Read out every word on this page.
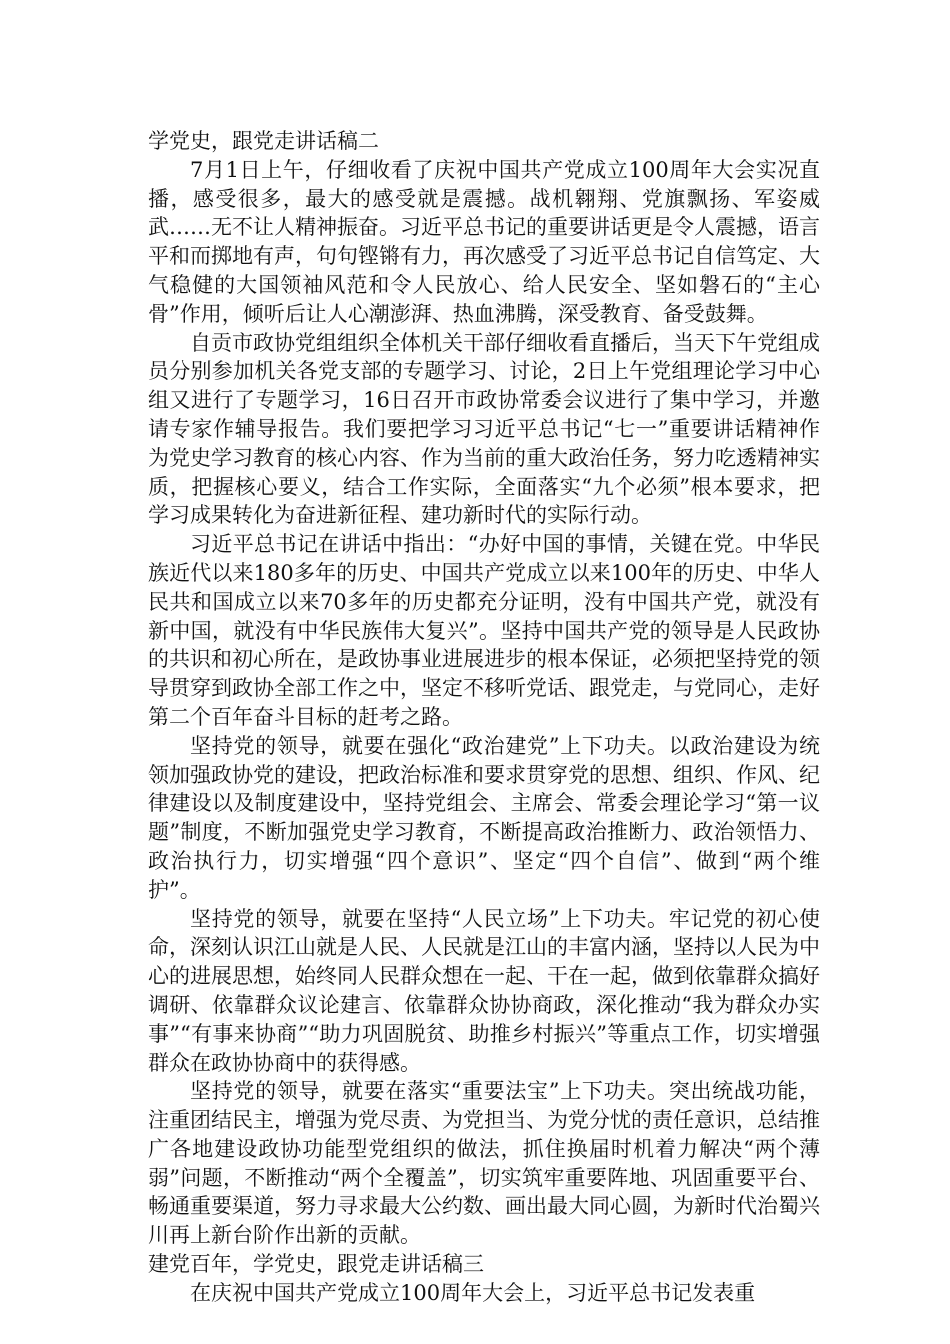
学党史，跟党走讲话稿二

7月1日上午，仔细收看了庆祝中国共产党成立100周年大会实况直播，感受很多，最大的感受就是震撼。战机翱翔、党旗飘扬、军姿威武……无不让人精神振奋。习近平总书记的重要讲话更是令人震撼，语言平和而掷地有声，句句铿锵有力，再次感受了习近平总书记自信笃定、大气稳健的大国领袖风范和令人民放心、给人民安全、坚如磐石的“主心骨”作用，倾听后让人心潮澎湃、热血沸腾，深受教育、备受鼓舞。

自贡市政协党组组织全体机关干部仔细收看直播后，当天下午党组成员分别参加机关各党支部的专题学习、讨论，2日上午党组理论学习中心组又进行了专题学习，16日召开市政协常委会议进行了集中学习，并邀请专家作辅导报告。我们要把学习习近平总书记“七一”重要讲话精神作为党史学习教育的核心内容、作为当前的重大政治任务，努力吃透精神实质，把握核心要义，结合工作实际，全面落实“九个必须”根本要求，把学习成果转化为奋进新征程、建功新时代的实际行动。

习近平总书记在讲话中指出：“办好中国的事情，关键在党。中华民族近代以来180多年的历史、中国共产党成立以来100年的历史、中华人民共和国成立以来70多年的历史都充分证明，没有中国共产党，就没有新中国，就没有中华民族伟大复兴”。坚持中国共产党的领导是人民政协的共识和初心所在，是政协事业进展进步的根本保证，必须把坚持党的领导贯穿到政协全部工作之中，坚定不移听党话、跟党走，与党同心，走好第二个百年奋斗目标的赶考之路。

坚持党的领导，就要在强化“政治建党”上下功夫。以政治建设为统领加强政协党的建设，把政治标准和要求贯穿党的思想、组织、作风、纪律建设以及制度建设中，坚持党组会、主席会、常委会理论学习“第一议题”制度，不断加强党史学习教育，不断提高政治推断力、政治领悟力、政治执行力，切实增强“四个意识”、坚定“四个自信”、做到“两个维护”。

坚持党的领导，就要在坚持“人民立场”上下功夫。牢记党的初心使命，深刻认识江山就是人民、人民就是江山的丰富内涵，坚持以人民为中心的进展思想，始终同人民群众想在一起、干在一起，做到依靠群众搞好调研、依靠群众议论建言、依靠群众协协商政，深化推动“我为群众办实事”“有事来协商”“助力巩固脱贫、助推乡村振兴”等重点工作，切实增强群众在政协协商中的获得感。

坚持党的领导，就要在落实“重要法宝”上下功夫。突出统战功能，注重团结民主，增强为党尽责、为党担当、为党分忧的责任意识，总结推广各地建设政协功能型党组织的做法，抓住换届时机着力解决“两个薄弱”问题，不断推动“两个全覆盖”，切实筑牢重要阵地、巩固重要平台、畅通重要渠道，努力寻求最大公约数、画出最大同心圆，为新时代治蜀兴川再上新台阶作出新的贡献。

建党百年，学党史，跟党走讲话稿三

在庆祝中国共产党成立100周年大会上，习近平总书记发表重
